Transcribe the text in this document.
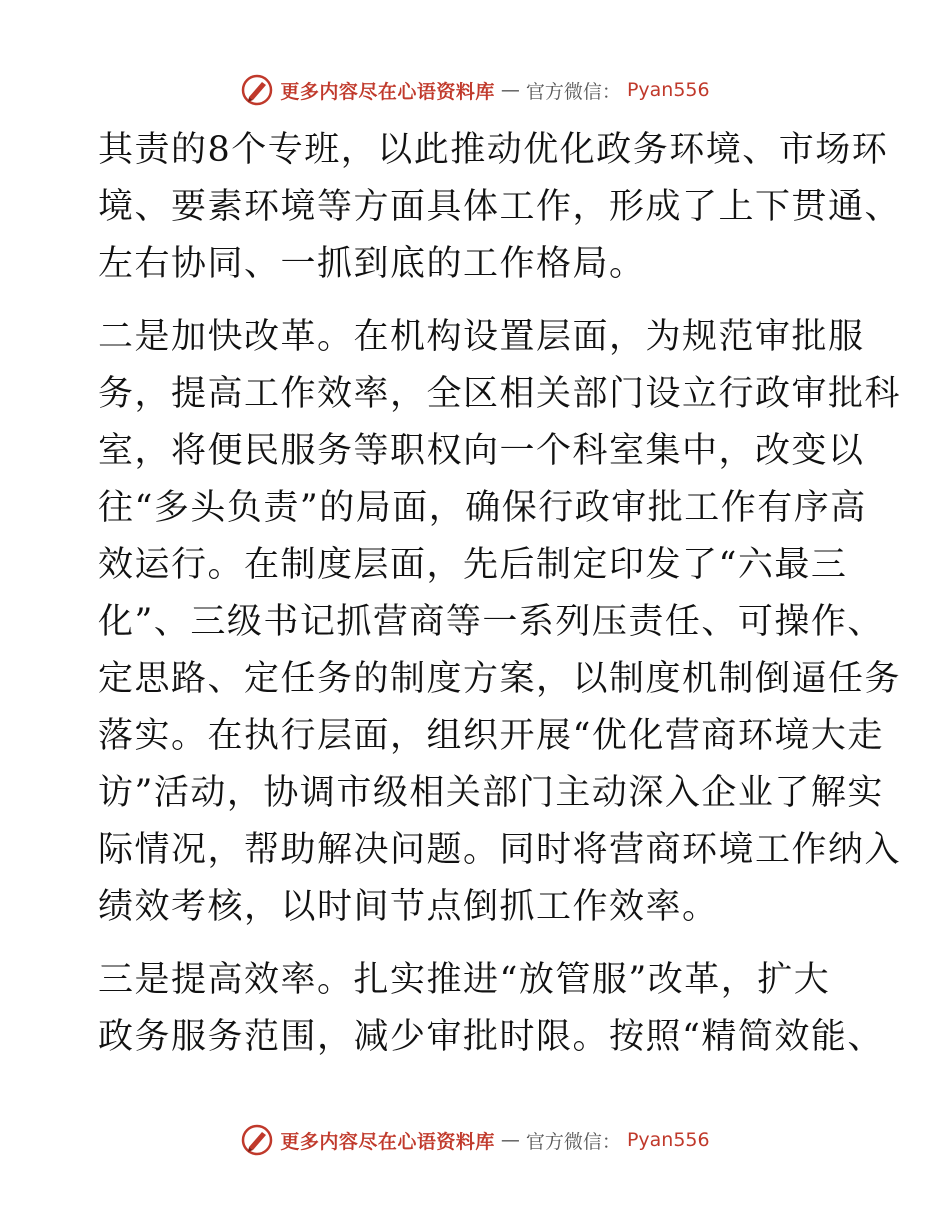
更多内容尽在心语资料库 — 官方微信： Pyan556
其责的8个专班，以此推动优化政务环境、市场环
境、要素环境等方面具体工作，形成了上下贯通、
左右协同、一抓到底的工作格局。
二是加快改革。在机构设置层面，为规范审批服
务，提高工作效率，全区相关部门设立行政审批科
室，将便民服务等职权向一个科室集中，改变以
往“多头负责”的局面，确保行政审批工作有序高
效运行。在制度层面，先后制定印发了“六最三
化”、三级书记抓营商等一系列压责任、可操作、
定思路、定任务的制度方案，以制度机制倒逼任务
落实。在执行层面，组织开展“优化营商环境大走
访”活动，协调市级相关部门主动深入企业了解实
际情况，帮助解决问题。同时将营商环境工作纳入
绩效考核，以时间节点倒抓工作效率。
三是提高效率。扎实推进“放管服”改革，扩大
政务服务范围，减少审批时限。按照“精简效能、
更多内容尽在心语资料库 — 官方微信： Pyan556
